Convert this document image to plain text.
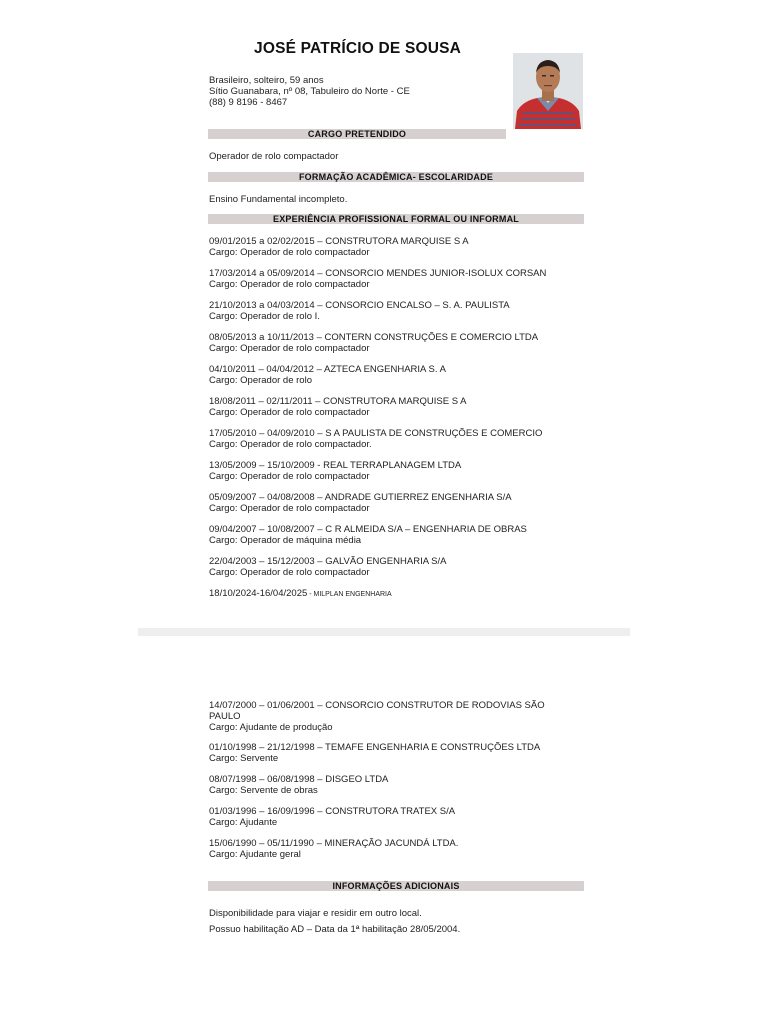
JOSÉ PATRÍCIO DE SOUSA
Brasileiro, solteiro, 59 anos
Sítio Guanabara, nº 08, Tabuleiro do Norte - CE
(88) 9 8196 - 8467
CARGO PRETENDIDO
Operador de rolo compactador
FORMAÇÃO ACADÊMICA- ESCOLARIDADE
Ensino Fundamental incompleto.
EXPERIÊNCIA PROFISSIONAL FORMAL OU INFORMAL
09/01/2015 a 02/02/2015 – CONSTRUTORA MARQUISE S A
Cargo: Operador de rolo compactador
17/03/2014 a 05/09/2014 – CONSORCIO MENDES JUNIOR-ISOLUX CORSAN
Cargo: Operador de rolo compactador
21/10/2013 a 04/03/2014 – CONSORCIO ENCALSO – S. A. PAULISTA
Cargo: Operador de rolo I.
08/05/2013 a 10/11/2013 – CONTERN CONSTRUÇÕES E COMERCIO LTDA
Cargo: Operador de rolo compactador
04/10/2011 – 04/04/2012 – AZTECA ENGENHARIA S. A
Cargo: Operador de rolo
18/08/2011 – 02/11/2011 – CONSTRUTORA MARQUISE S A
Cargo: Operador de rolo compactador
17/05/2010 – 04/09/2010 – S A PAULISTA DE CONSTRUÇÕES E COMERCIO
Cargo: Operador de rolo compactador.
13/05/2009 – 15/10/2009 - REAL TERRAPLANAGEM LTDA
Cargo: Operador de rolo compactador
05/09/2007 – 04/08/2008 – ANDRADE GUTIERREZ ENGENHARIA S/A
Cargo: Operador de rolo compactador
09/04/2007 – 10/08/2007 – C R ALMEIDA S/A – ENGENHARIA DE OBRAS
Cargo: Operador de máquina média
22/04/2003 – 15/12/2003 – GALVÃO ENGENHARIA S/A
Cargo: Operador de rolo compactador
18/10/2024-16/04/2025 - MILPLAN ENGENHARIA
14/07/2000 – 01/06/2001 – CONSORCIO CONSTRUTOR DE RODOVIAS SÃO PAULO
Cargo: Ajudante de produção
01/10/1998 – 21/12/1998 – TEMAFE ENGENHARIA E CONSTRUÇÕES LTDA
Cargo: Servente
08/07/1998 – 06/08/1998 – DISGEO LTDA
Cargo: Servente de obras
01/03/1996 – 16/09/1996 – CONSTRUTORA TRATEX S/A
Cargo: Ajudante
15/06/1990 – 05/11/1990 – MINERAÇÃO JACUNDÁ LTDA.
Cargo: Ajudante geral
INFORMAÇÕES ADICIONAIS
Disponibilidade para viajar e residir em outro local.
Possuo habilitação AD – Data da 1ª habilitação 28/05/2004.
